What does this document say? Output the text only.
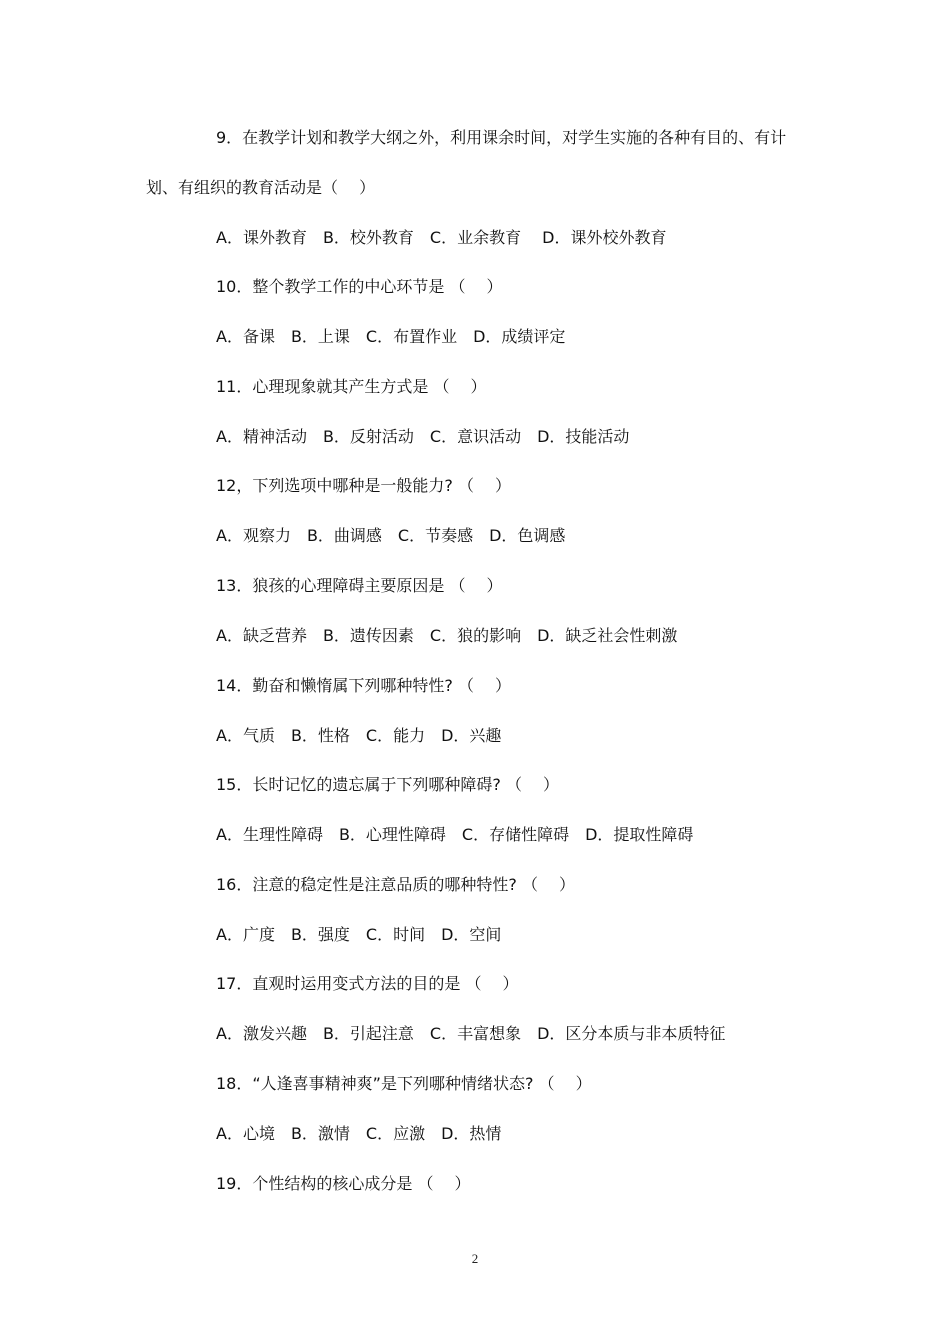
9．在教学计划和教学大纲之外，利用课余时间，对学生实施的各种有目的、有计
划、有组织的教育活动是（　 ）
A．课外教育　B．校外教育　C．业余教育　 D．课外校外教育
10．整个教学工作的中心环节是 （　 ）
A．备课　B．上课　C．布置作业　D．成绩评定
11．心理现象就其产生方式是 （　 ）
A．精神活动　B．反射活动　C．意识活动　D．技能活动
12，下列选项中哪种是一般能力? （　 ）
A．观察力　B．曲调感　C．节奏感　D．色调感
13．狼孩的心理障碍主要原因是 （　 ）
A．缺乏营养　B．遗传因素　C．狼的影响　D．缺乏社会性刺激
14．勤奋和懒惰属下列哪种特性? （　 ）
A．气质　B．性格　C．能力　D．兴趣
15．长时记忆的遗忘属于下列哪种障碍? （　 ）
A．生理性障碍　B．心理性障碍　C．存储性障碍　D．提取性障碍
16．注意的稳定性是注意品质的哪种特性? （　 ）
A．广度　B．强度　C．时间　D．空间
17．直观时运用变式方法的目的是 （　 ）
A．激发兴趣　B．引起注意　C．丰富想象　D．区分本质与非本质特征
18．“人逢喜事精神爽”是下列哪种情绪状态? （　 ）
A．心境　B．激情　C．应激　D．热情
19．个性结构的核心成分是 （　 ）
2
